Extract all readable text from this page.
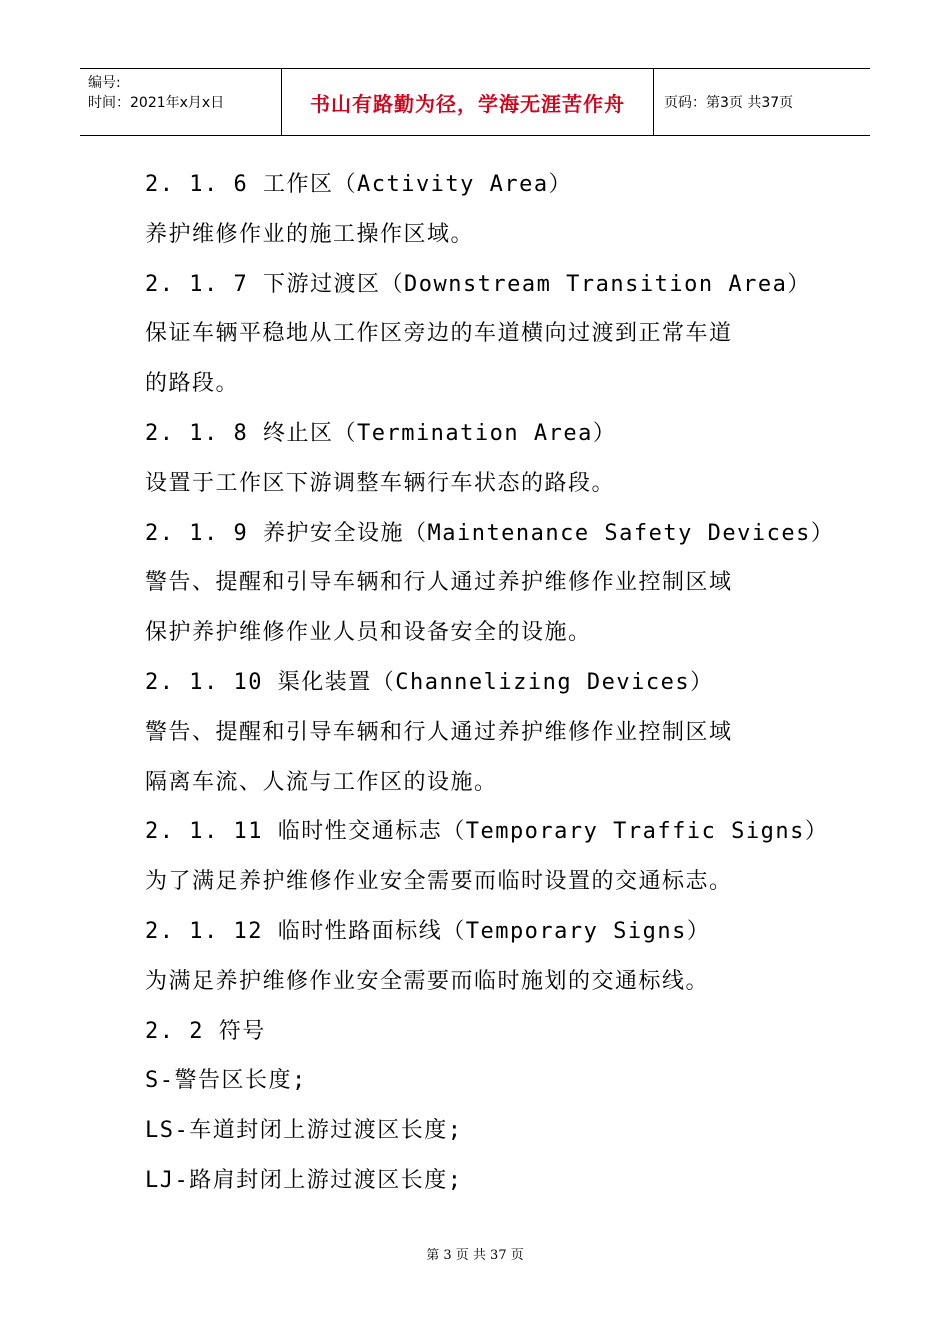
编号:
时间：2021年x月x日	书山有路勤为径，学海无涯苦作舟	页码：第3页 共37页
2. 1. 6 工作区（Activity Area）
养护维修作业的施工操作区域。
2. 1. 7 下游过渡区（Downstream Transition Area）
保证车辆平稳地从工作区旁边的车道横向过渡到正常车道
的路段。
2. 1. 8 终止区（Termination Area）
设置于工作区下游调整车辆行车状态的路段。
2. 1. 9 养护安全设施（Maintenance Safety Devices）
警告、提醒和引导车辆和行人通过养护维修作业控制区域
保护养护维修作业人员和设备安全的设施。
2. 1. 10 渠化装置（Channelizing Devices）
警告、提醒和引导车辆和行人通过养护维修作业控制区域
隔离车流、人流与工作区的设施。
2. 1. 11 临时性交通标志（Temporary Traffic Signs）
为了满足养护维修作业安全需要而临时设置的交通标志。
2. 1. 12 临时性路面标线（Temporary Signs）
为满足养护维修作业安全需要而临时施划的交通标线。
2. 2 符号
S-警告区长度;
LS-车道封闭上游过渡区长度;
LJ-路肩封闭上游过渡区长度;
第 3 页 共 37 页
